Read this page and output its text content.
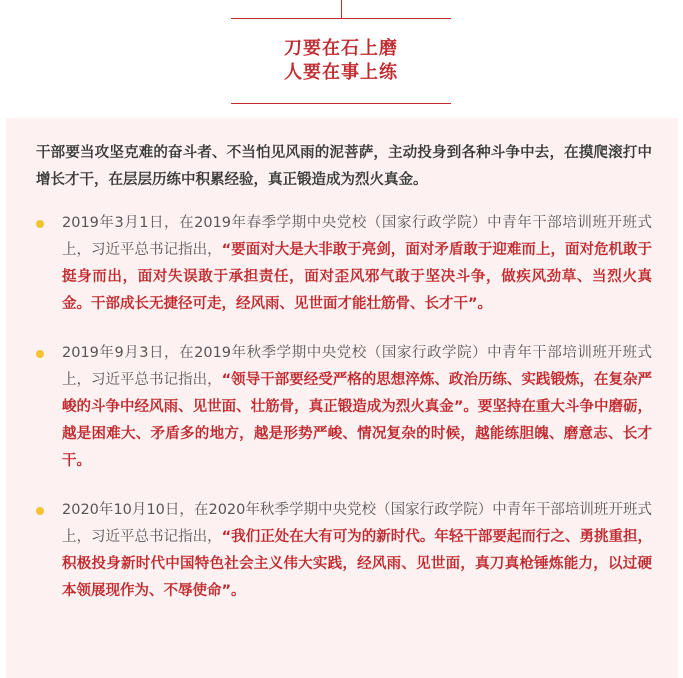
刀要在石上磨
人要在事上练

干部要当攻坚克难的奋斗者、不当怕见风雨的泥菩萨，主动投身到各种斗争中去，在摸爬滚打中增长才干，在层层历练中积累经验，真正锻造成为烈火真金。

2019年3月1日，在2019年春季学期中央党校（国家行政学院）中青年干部培训班开班式上，习近平总书记指出，“要面对大是大非敢于亮剑，面对矛盾敢于迎难而上，面对危机敢于挺身而出，面对失误敢于承担责任，面对歪风邪气敢于坚决斗争，做疾风劲草、当烈火真金。干部成长无捷径可走，经风雨、见世面才能壮筋骨、长才干”。
2019年9月3日，在2019年秋季学期中央党校（国家行政学院）中青年干部培训班开班式上，习近平总书记指出，“领导干部要经受严格的思想淬炼、政治历练、实践锻炼，在复杂严峻的斗争中经风雨、见世面、壮筋骨，真正锻造成为烈火真金”。要坚持在重大斗争中磨砺，越是困难大、矛盾多的地方，越是形势严峻、情况复杂的时候，越能练胆魄、磨意志、长才干。
2020年10月10日，在2020年秋季学期中央党校（国家行政学院）中青年干部培训班开班式上，习近平总书记指出，“我们正处在大有可为的新时代。年轻干部要起而行之、勇挑重担，积极投身新时代中国特色社会主义伟大实践，经风雨、见世面，真刀真枪锤炼能力，以过硬本领展现作为、不辱使命”。
